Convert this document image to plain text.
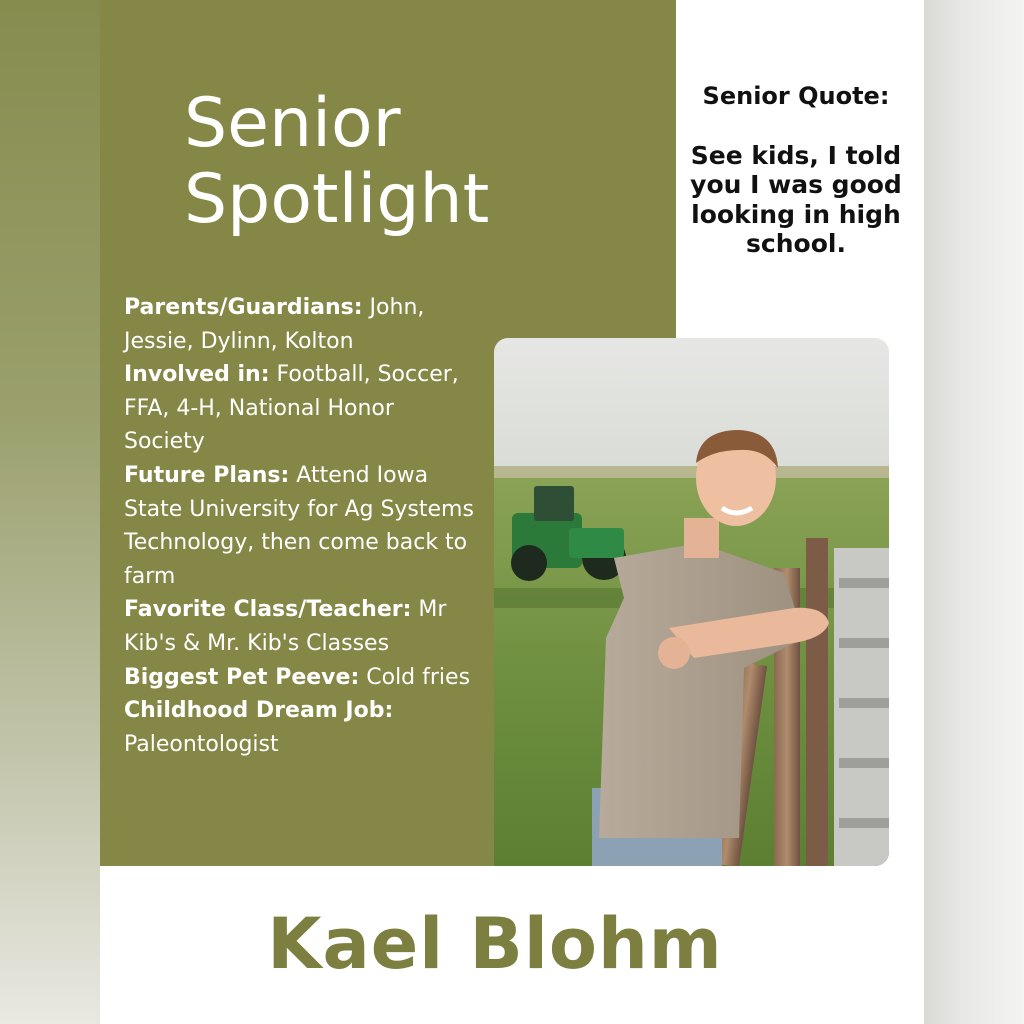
Senior
Spotlight
Parents/Guardians: John, Jessie, Dylinn, Kolton
Involved in: Football, Soccer, FFA, 4-H, National Honor Society
Future Plans: Attend Iowa State University for Ag Systems Technology, then come back to farm
Favorite Class/Teacher: Mr Kib's & Mr. Kib's Classes
Biggest Pet Peeve: Cold fries
Childhood Dream Job: Paleontologist
Senior Quote:
See kids, I told you I was good looking in high school.
Kael Blohm
